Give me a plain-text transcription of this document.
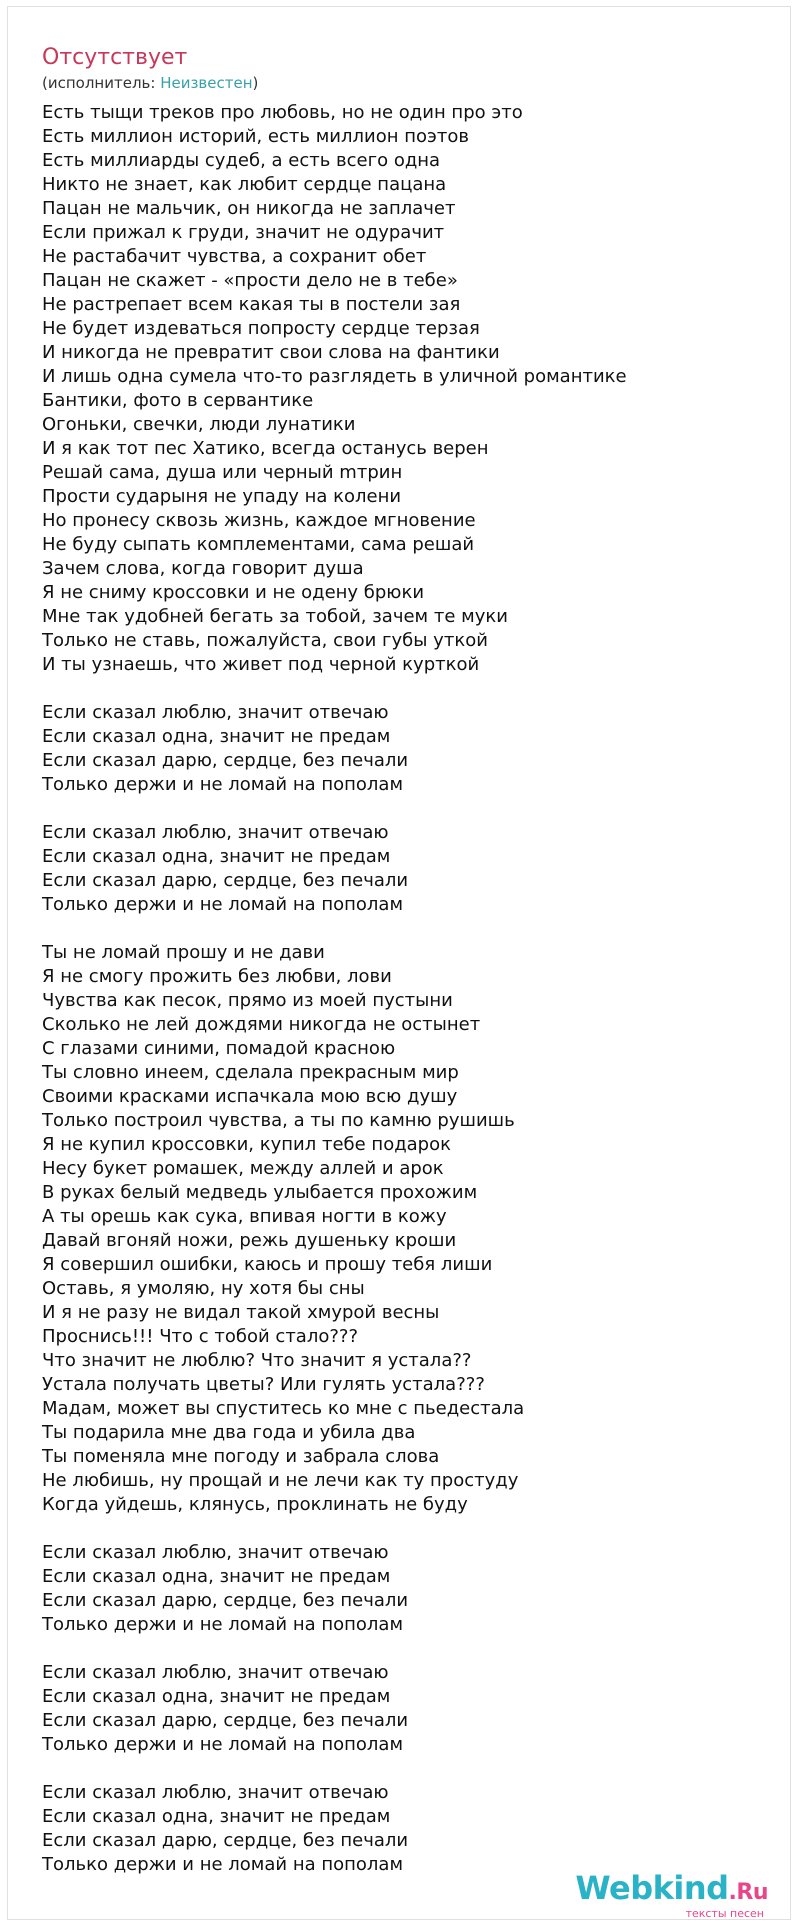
Отсутствует
(исполнитель: Неизвестен)
Есть тыщи треков про любовь, но не один про это
Есть миллион историй, есть миллион поэтов
Есть миллиарды судеб, а есть всего одна
Никто не знает, как любит сердце пацана
Пацан не мальчик, он никогда не заплачет
Если прижал к груди, значит не одурачит
Не растабачит чувства, а сохранит обет
Пацан не скажет - «прости дело не в тебе»
Не растрепает всем какая ты в постели зая
Не будет издеваться попросту сердце терзая
И никогда не превратит свои слова на фантики
И лишь одна сумела что-то разглядеть в уличной романтике
Бантики, фото в сервантике
Огоньки, свечки, люди лунатики
И я как тот пес Хатико, всегда останусь верен
Решай сама, душа или черный mтрин
Прости сударыня не упаду на колени
Но пронесу сквозь жизнь, каждое мгновение
Не буду сыпать комплементами, сама решай
Зачем слова, когда говорит душа
Я не сниму кроссовки и не одену брюки
Мне так удобней бегать за тобой, зачем те муки
Только не ставь, пожалуйста, свои губы уткой
И ты узнаешь, что живет под черной курткой
Если сказал люблю, значит отвечаю
Если сказал одна, значит не предам
Если сказал дарю, сердце, без печали
Только держи и не ломай на пополам
Если сказал люблю, значит отвечаю
Если сказал одна, значит не предам
Если сказал дарю, сердце, без печали
Только держи и не ломай на пополам
Ты не ломай прошу и не дави
Я не смогу прожить без любви, лови
Чувства как песок, прямо из моей пустыни
Сколько не лей дождями никогда не остынет
С глазами синими, помадой красною
Ты словно инеем, сделала прекрасным мир
Своими красками испачкала мою всю душу
Только построил чувства, а ты по камню рушишь
Я не купил кроссовки, купил тебе подарок
Несу букет ромашек, между аллей и арок
В руках белый медведь улыбается прохожим
А ты орешь как сука, впивая ногти в кожу
Давай вгоняй ножи, режь душеньку кроши
Я совершил ошибки, каюсь и прошу тебя лиши
Оставь, я умоляю, ну хотя бы сны
И я не разу не видал такой хмурой весны
Проснись!!! Что с тобой стало???
Что значит не люблю? Что значит я устала??
Устала получать цветы? Или гулять устала???
Мадам, может вы спуститесь ко мне с пьедестала
Ты подарила мне два года и убила два
Ты поменяла мне погоду и забрала слова
Не любишь, ну прощай и не лечи как ту простуду
Когда уйдешь, клянусь, проклинать не буду
Если сказал люблю, значит отвечаю
Если сказал одна, значит не предам
Если сказал дарю, сердце, без печали
Только держи и не ломай на пополам
Если сказал люблю, значит отвечаю
Если сказал одна, значит не предам
Если сказал дарю, сердце, без печали
Только держи и не ломай на пополам
Если сказал люблю, значит отвечаю
Если сказал одна, значит не предам
Если сказал дарю, сердце, без печали
Только держи и не ломай на пополам
Webkind.Ru
тексты песен
